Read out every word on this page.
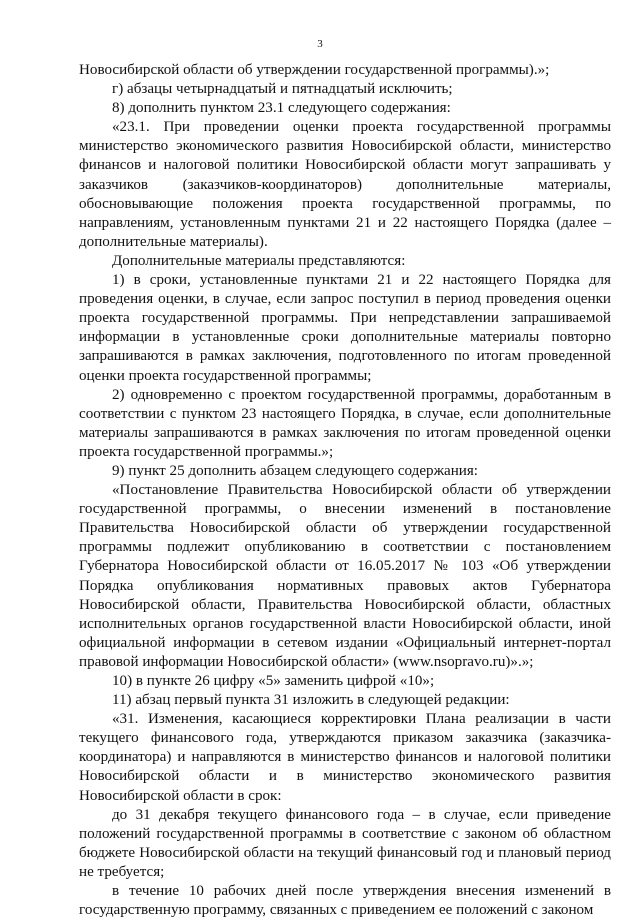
3

Новосибирской области об утверждении государственной программы).»;

г) абзацы четырнадцатый и пятнадцатый исключить;

8) дополнить пунктом 23.1 следующего содержания:

«23.1. При проведении оценки проекта государственной программы министерство экономического развития Новосибирской области, министерство финансов и налоговой политики Новосибирской области могут запрашивать у заказчиков (заказчиков-координаторов) дополнительные материалы, обосновывающие положения проекта государственной программы, по направлениям, установленным пунктами 21 и 22 настоящего Порядка (далее – дополнительные материалы).

Дополнительные материалы представляются:

1) в сроки, установленные пунктами 21 и 22 настоящего Порядка для проведения оценки, в случае, если запрос поступил в период проведения оценки проекта государственной программы. При непредставлении запрашиваемой информации в установленные сроки дополнительные материалы повторно запрашиваются в рамках заключения, подготовленного по итогам проведенной оценки проекта государственной программы;

2) одновременно с проектом государственной программы, доработанным в соответствии с пунктом 23 настоящего Порядка, в случае, если дополнительные материалы запрашиваются в рамках заключения по итогам проведенной оценки проекта государственной программы.»;

9) пункт 25 дополнить абзацем следующего содержания:

«Постановление Правительства Новосибирской области об утверждении государственной программы, о внесении изменений в постановление Правительства Новосибирской области об утверждении государственной программы подлежит опубликованию в соответствии с постановлением Губернатора Новосибирской области от 16.05.2017 № 103 «Об утверждении Порядка опубликования нормативных правовых актов Губернатора Новосибирской области, Правительства Новосибирской области, областных исполнительных органов государственной власти Новосибирской области, иной официальной информации в сетевом издании «Официальный интернет-портал правовой информации Новосибирской области» (www.nsopravo.ru)».»;

10) в пункте 26 цифру «5» заменить цифрой «10»;

11) абзац первый пункта 31 изложить в следующей редакции:

«31. Изменения, касающиеся корректировки Плана реализации в части текущего финансового года, утверждаются приказом заказчика (заказчика-координатора) и направляются в министерство финансов и налоговой политики Новосибирской области и в министерство экономического развития Новосибирской области в срок:

до 31 декабря текущего финансового года – в случае, если приведение положений государственной программы в соответствие с законом об областном бюджете Новосибирской области на текущий финансовый год и плановый период не требуется;

в течение 10 рабочих дней после утверждения внесения изменений в государственную программу, связанных с приведением ее положений с законом
